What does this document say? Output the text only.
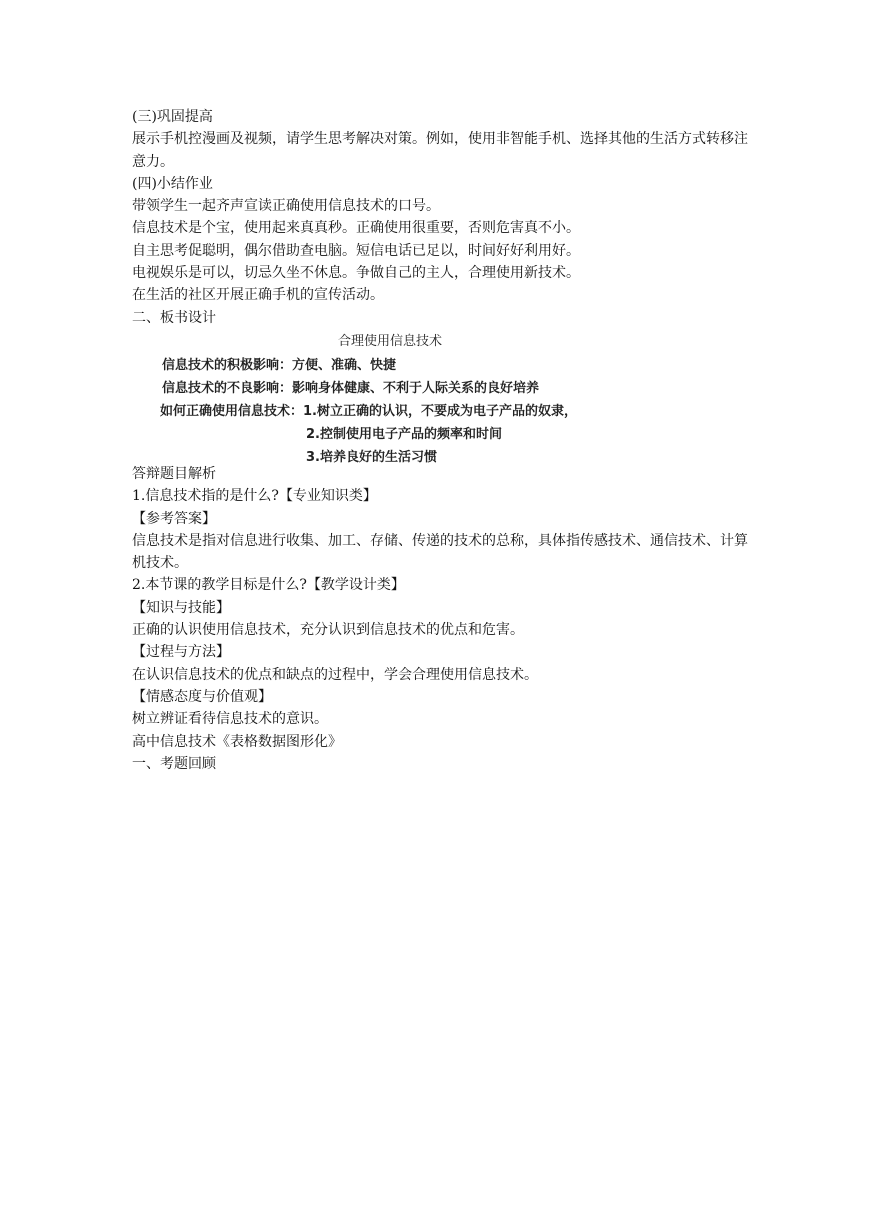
(三)巩固提高

展示手机控漫画及视频，请学生思考解决对策。例如，使用非智能手机、选择其他的生活方式转移注意力。

(四)小结作业

带领学生一起齐声宣读正确使用信息技术的口号。

信息技术是个宝，使用起来真真秒。正确使用很重要，否则危害真不小。

自主思考促聪明，偶尔借助查电脑。短信电话已足以，时间好好利用好。

电视娱乐是可以，切忌久坐不休息。争做自己的主人，合理使用新技术。

在生活的社区开展正确手机的宣传活动。

二、板书设计

合理使用信息技术
信息技术的积极影响：方便、准确、快捷
信息技术的不良影响：影响身体健康、不利于人际关系的良好培养
如何正确使用信息技术：1.树立正确的认识，不要成为电子产品的奴隶，
2.控制使用电子产品的频率和时间
3.培养良好的生活习惯

答辩题目解析

1.信息技术指的是什么?【专业知识类】

【参考答案】

信息技术是指对信息进行收集、加工、存储、传递的技术的总称，具体指传感技术、通信技术、计算机技术。

2.本节课的教学目标是什么?【教学设计类】

【知识与技能】

正确的认识使用信息技术，充分认识到信息技术的优点和危害。

【过程与方法】

在认识信息技术的优点和缺点的过程中，学会合理使用信息技术。

【情感态度与价值观】

树立辨证看待信息技术的意识。

高中信息技术《表格数据图形化》

一、考题回顾
